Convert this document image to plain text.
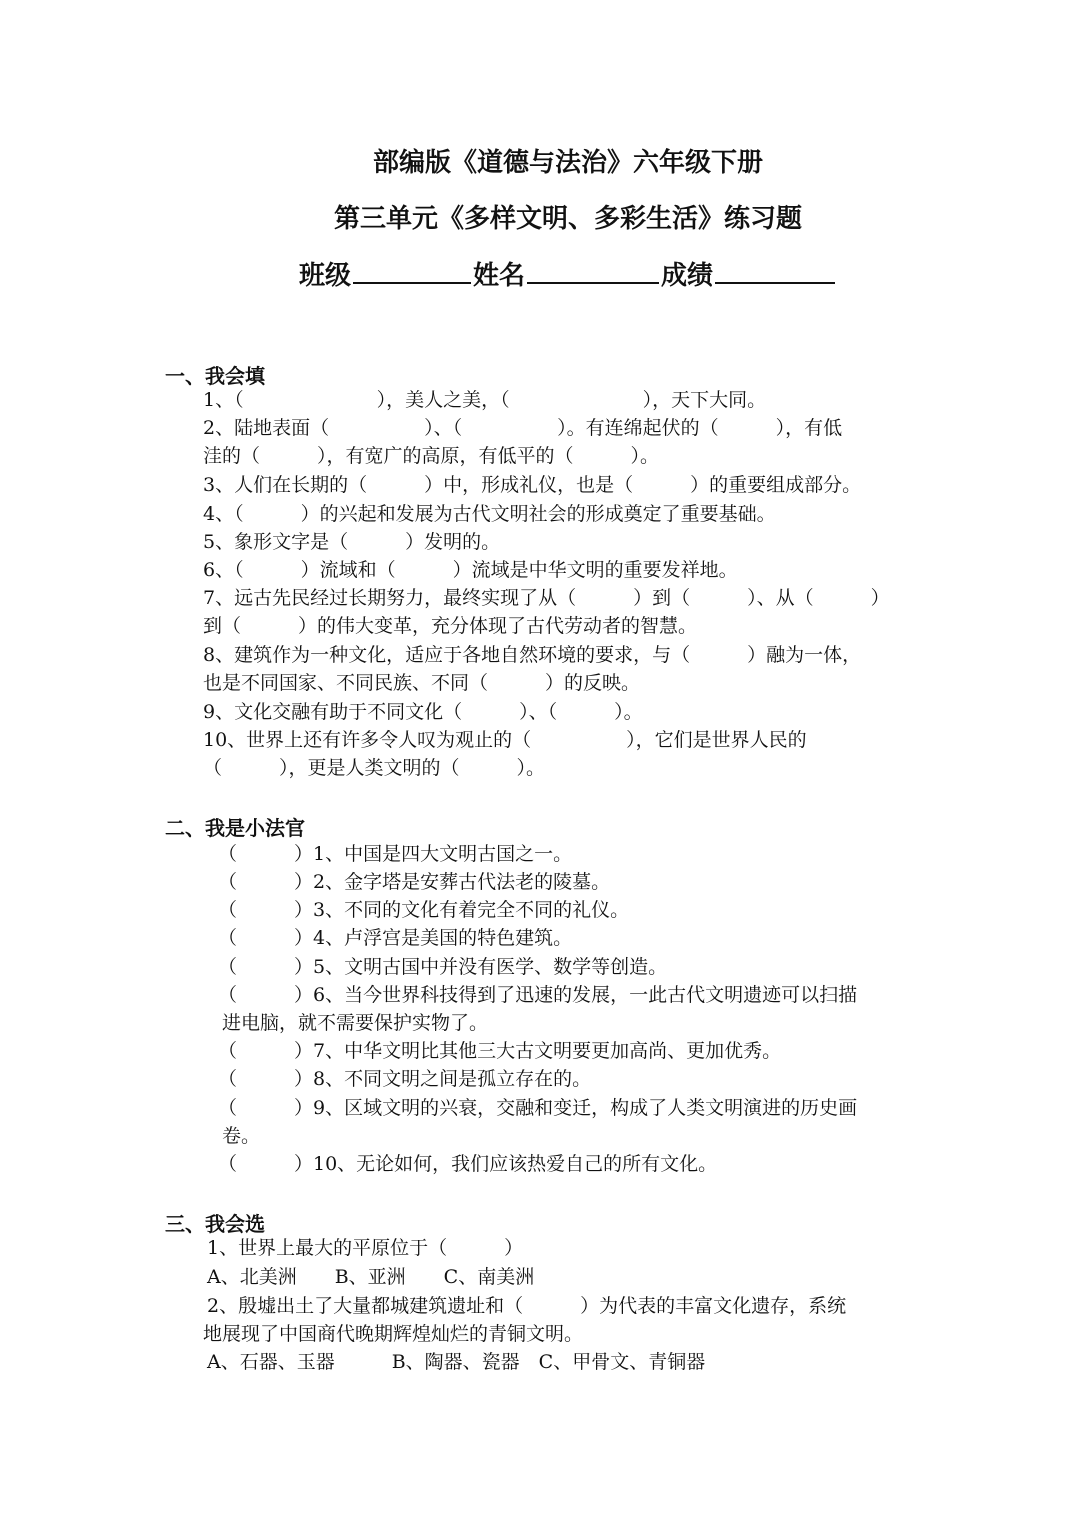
部编版《道德与法治》六年级下册
第三单元《多样文明、多彩生活》练习题
班级	姓名	成绩
一、我会填
1、（　　　　　　　），美人之美，（　　　　　　　），天下大同。
2、陆地表面（　　　　　）、（　　　　　）。有连绵起伏的（　　　），有低
洼的（　　　），有宽广的高原，有低平的（　　　）。
3、人们在长期的（　　　）中，形成礼仪，也是（　　　）的重要组成部分。
4、（　　　）的兴起和发展为古代文明社会的形成奠定了重要基础。
5、象形文字是（　　　）发明的。
6、（　　　）流域和（　　　）流域是中华文明的重要发祥地。
7、远古先民经过长期努力，最终实现了从（　　　）到（　　　）、从（　　　）
到（　　　）的伟大变革，充分体现了古代劳动者的智慧。
8、建筑作为一种文化，适应于各地自然环境的要求，与（　　　）融为一体，
也是不同国家、不同民族、不同（　　　）的反映。
9、文化交融有助于不同文化（　　　）、（　　　）。
10、世界上还有许多令人叹为观止的（　　　　　），它们是世界人民的
（　　　），更是人类文明的（　　　）。
二、我是小法官
（　　　）1、中国是四大文明古国之一。
（　　　）2、金字塔是安葬古代法老的陵墓。
（　　　）3、不同的文化有着完全不同的礼仪。
（　　　）4、卢浮宫是美国的特色建筑。
（　　　）5、文明古国中并没有医学、数学等创造。
（　　　）6、当今世界科技得到了迅速的发展，一此古代文明遗迹可以扫描
进电脑，就不需要保护实物了。
（　　　）7、中华文明比其他三大古文明要更加高尚、更加优秀。
（　　　）8、不同文明之间是孤立存在的。
（　　　）9、区域文明的兴衰，交融和变迁，构成了人类文明演进的历史画
卷。
（　　　）10、无论如何，我们应该热爱自己的所有文化。
三、我会选
1、世界上最大的平原位于（　　　）
A、北美洲　　B、亚洲　　C、南美洲
2、殷墟出土了大量都城建筑遗址和（　　　）为代表的丰富文化遗存，系统
地展现了中国商代晚期辉煌灿烂的青铜文明。
A、石器、玉器　　　B、陶器、瓷器　C、甲骨文、青铜器
